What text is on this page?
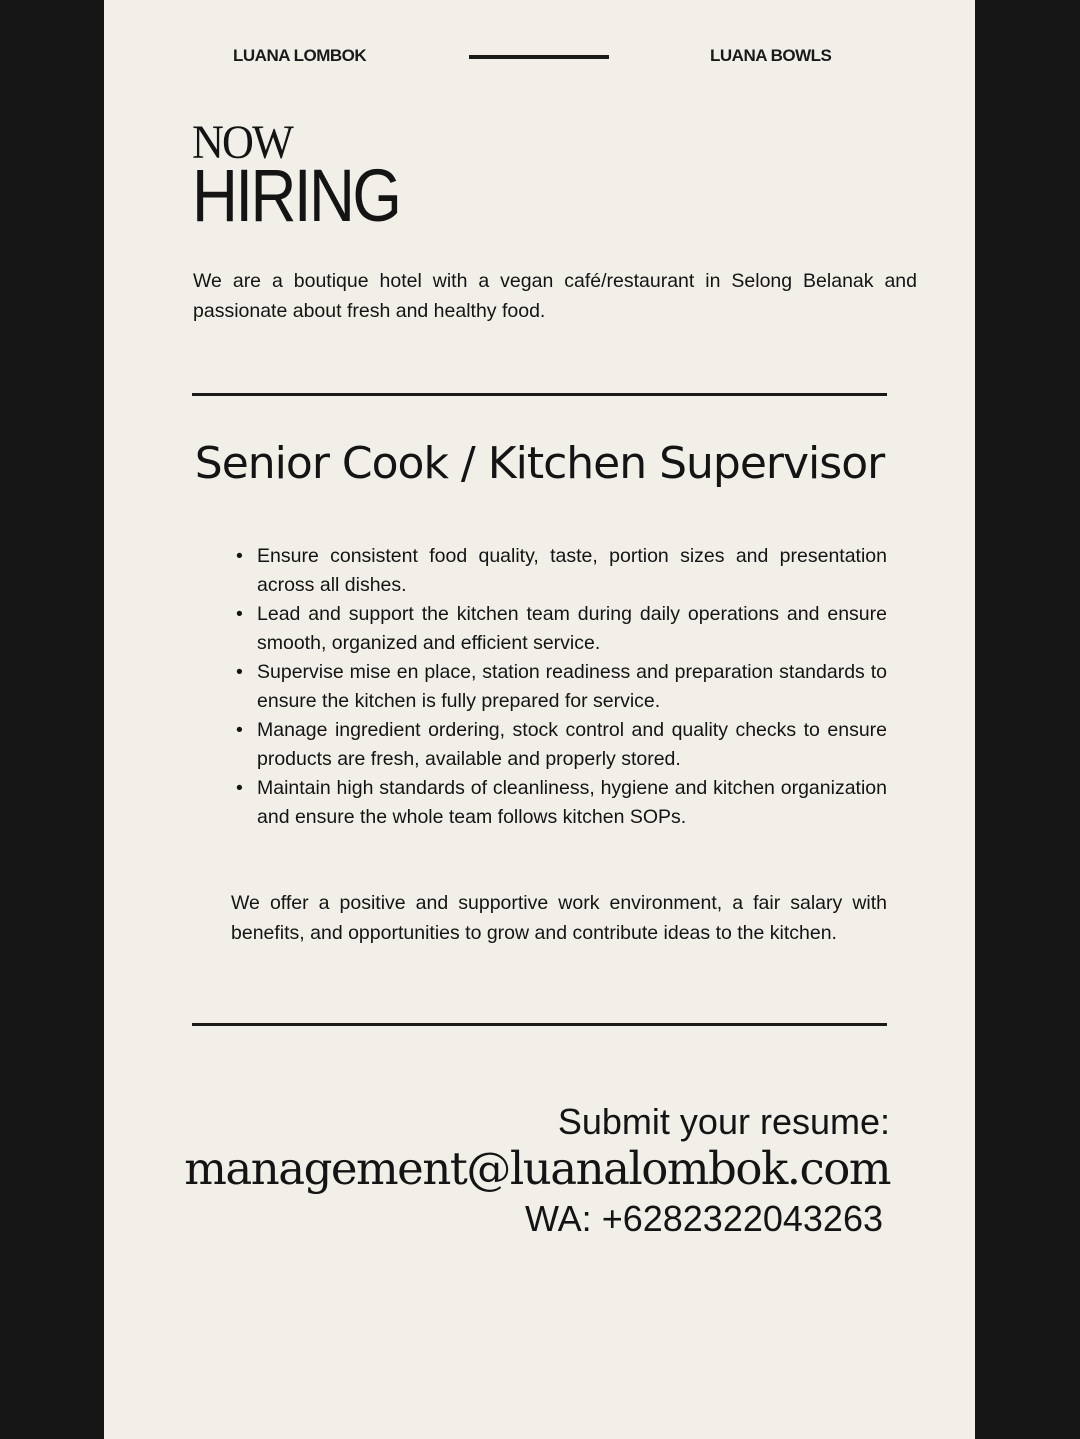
LUANA LOMBOK	LUANA BOWLS
NOW
HIRING

We are a boutique hotel with a vegan café/restaurant in Selong Belanak and passionate about fresh and healthy food.

Senior Cook / Kitchen Supervisor
• Ensure consistent food quality, taste, portion sizes and presentation across all dishes.
• Lead and support the kitchen team during daily operations and ensure smooth, organized and efficient service.
• Supervise mise en place, station readiness and preparation standards to ensure the kitchen is fully prepared for service.
• Manage ingredient ordering, stock control and quality checks to ensure products are fresh, available and properly stored.
• Maintain high standards of cleanliness, hygiene and kitchen organization and ensure the whole team follows kitchen SOPs.

We offer a positive and supportive work environment, a fair salary with benefits, and opportunities to grow and contribute ideas to the kitchen.

Submit your resume:
management@luanalombok.com
WA: +6282322043263
